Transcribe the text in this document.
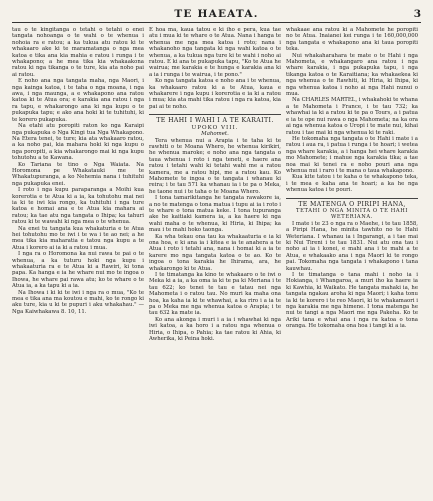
TE HAEATA.	3

tau o te kingitanga o tetahi o tetahi o enei tangata nohoanga o te wahi o te whenua i nohoia ra e ratou; a ka tukua atu ratou ki te whakaaro ake ki te maramatanga o nga mea katoa e tika ana kia mahia e ratou i runga i te whakapono; a he mea tika kia whakaakona ratou ki nga tikanga o te ture, kia ata noho pai ai ratou.

E noho ana nga tangata maha, nga Maori, i nga kainga katoa, i te taha o nga moana, i nga awa, i nga maunga, a e whakapono ana ratou katoa ki te Atua ora; e karakia ana ratou i nga ra tapu, e whakarongo ana ki nga kupu o te pukapuka tapu; e ako ana hoki ki te tuhituhi, ki te korero pukapuka.

Na etahi atu poropiti raton ko nga Karaipi nga pukapuka o Nga Kingi tua Nga Whakapono. Na Etera tenei, te ture; kia ata whakaaro ratou, a ka noho pai, kia mahara hoki ki nga kupu o nga poropiti, a kia whakarongo mai ki nga kupu tohutohu a te Kawana.

Ko Tariana te tino o Nga Waiata. Na Horomona pe Whakatauki me te Whakatupuranga, a ko Nehemia nana i tuhituhi nga pukapuka enei.

I roto i nga kupu paraparanga a Moihi kua korerotia e te Atua ki a ia, ka tohutohu mai nei ia ki te iwi kia rongo, ka tuhituhi i nga ture katoa e homai ana e te Atua kia mahara ai ratou; ka tae atu nga tangata o Ihipa; ka tahuri ratou ki te wawahi ki nga mea o te whenua.

Na enei tu tangata kua whakaturia e te Atua hei tohutohu mo te iwi i te wa i te ao nei; a he mea tika kia maharatia e tatou nga kupu a te Atua i korero ai ia ki a ratou i mua.

I nga ra o Horomona ka nui rawa te pai o te whenua, a ka tuturu hoki nga kupu i whakaaturia ra e te Atua ki a Rawiri, ki tona papa. Ka hanga e ia he whare nui mo te ingoa o Ihowa, he whare pai rawa atu; ko te whare o te Atua ia, a ka tapu ki a ia.

Na Ihowa i ki ki te iwi i nga ra o mua, "Ko te mea e tika ana ma koutou e mahi, ko te rongo ki aku ture, kia u ki te pupuri i aku whakahau." — Nga Kaiwhakawa 8. 10, 11.

E hoa ma, kaua tatou e ki iho e pera, kua tae atu i mua ki te whare o te Atua. Nana i hanga te whenua me nga mea katoa i roto; nana i whakanoho nga tangata ki nga wahi katoa o te whenua, a ka tukua nga ture ki te wahi i noho ai ratou. E ki ana te pukapuka tapu, "Ko te Atua he wairua; me karakia e te hunga e karakia ana ki a ia i runga i te wairua, i te pono."

Ko nga tangata katoa e noho ana i te whenua, ka whakaaro ratou ki a te Atua, kaua e whakarere i nga kupu i korerotia e ia ki a ratou i mua; kia ata mahi tika ratou i nga ra katoa, kia pai ai te noho.

TE HAHI I WAHI I A TE KARAITI.

UPOKO VIII.

Mahomet.

Tera whenua nui a Arapia i te taha ki te rawhiti o te Moana Whero, he whenua kirikiri, he whenua maroke; e noho ana nga tangata o taua whenua i roto i nga teneti, e haere ana ratou i tetahi wahi ki tetahi wahi me a ratou kamera, me a ratou hipi, me a ratou kau. Ko Mahomete te ingoa o te tangata i whanau ki reira; i te tau 571 ka whanau ia i te pa o Meka, he taone nui i te taha o te Moana Whero.

I tona tamarikitanga he tangata rawakore ia, a no te matenga o tona matua i tupu ai ia i roto i te whare o tona matua keke. I tona tupuranga ake he kaitiaki kamera ia, a ka haere ki nga wahi maha o te whenua, ki Hiria, ki Ihipa; ka mau i te mahi hoko taonga.

Ka wha tekau ona tau ka whakaaturia e ia ki ona hoa, e ki ana ia i kitea e ia te anahera a te Atua i roto i tetahi ana, nana i homai ki a ia te karere mo nga tangata katoa o te ao. Ko te ingoa o tona karakia he Ihirama, ara, he whakarongo ki te Atua.

I te timatanga ka kino te whakaaro o te iwi o Meka ki a ia, a ka oma ia ki te pa ki Meriana i te tau 622; ko tenei te tau e tatau nei nga Mahometa i o ratou tau. No muri ka maha ona hoa, ka kaha ia ki te whawhai, a ka riro i a ia te pa o Meka me nga whenua katoa o Arapia; i te tau 632 ka mate ia.

Ko ana akonga i muri i a ia i whawhai ki nga iwi katoa, a ka horo i a ratou nga whenua o Hiria, o Ihipa, o Pahia; ka tae ratou ki Ahia, ki Awherika, ki Peina hoki.

whakaae ana ratou ki a Mahomete he poropiti no te Atua. Inaianei kei runga i te 160,000,000 nga tangata e whakapono ana ki taua poropiti teka.

Nui whakaharahara te mate o te Hahi i nga Mahometa, e whakangaro ana ratou i nga whare karakia, i nga pukapuka tapu, i nga tikanga katoa o te Karaitiana; ka whakaekea ki nga whenua o te Rawhiti, ki Hiria, ki Ihipa, ki nga whenua katoa i noho ai nga Hahi nunui o mua.

Na CHARLES MARTEL, i whakahoki te whana a te Mahometa i France, i te tau 732; ka whawhai ia ki a ratou ki te pa o Tours, a i patua e ia te ope nui rawa o nga Mahometa; na ka ora ai nga whenua katoa o Uropi i te mate nui, kihai ratou i tae mai ki nga whenua ki te raki.

He tokomaha nga tangata o te Hahi i mate i a ratou i aua ra, i patua i runga i te hoari; i wetea nga whare karakia, a i hanga hei whare karakia mo Mahomete; i mahue nga karakia tika; a tae noa mai ki tenei ra e noho pouri ana nga whenua nui i raro i te mana o taua whakapono.

Kua kite tatou i te kaha o te whakapono teka, i te mea e kaha ana te hoari; a ka he nga whenua katoa i te pouri.

TE MATENGA O PIRIPI HANA,

TETAHI O NGA MINITA O TE HAHI WETERIANA.

I mate i te 23 o nga ra o Maehe, i te tau 1858, a Piripi Hana, he minita tawhito no te Hahi Weteriana. I whanau ia i Ingarangi, a i tae mai ki Nui Tireni i te tau 1831. Nui atu ona tau i noho ai ia i konei, e mahi ana i te mahi a te Atua, e whakaako ana i nga Maori ki te rongo pai. Tokomaha nga tangata i whakapono i tana kauwhau.

I te timatanga o tana mahi i noho ia i Hokianga, i Whangaroa, a muri iho ka haere ia ki Kawhia, ki Waikato. He tangata mahaki ia, he tangata ngakau aroha ki nga Maori; i kaha tonu ia ki te korero i te reo Maori, ki te whakamaori i nga karakia me nga himene. I tona matenga he nui te tangi a nga Maori me nga Pakeha. Ko te Ariki tana e whai ana i nga ra katoa o tona oranga. He tokomaha ona hoa i tangi ki a ia.
